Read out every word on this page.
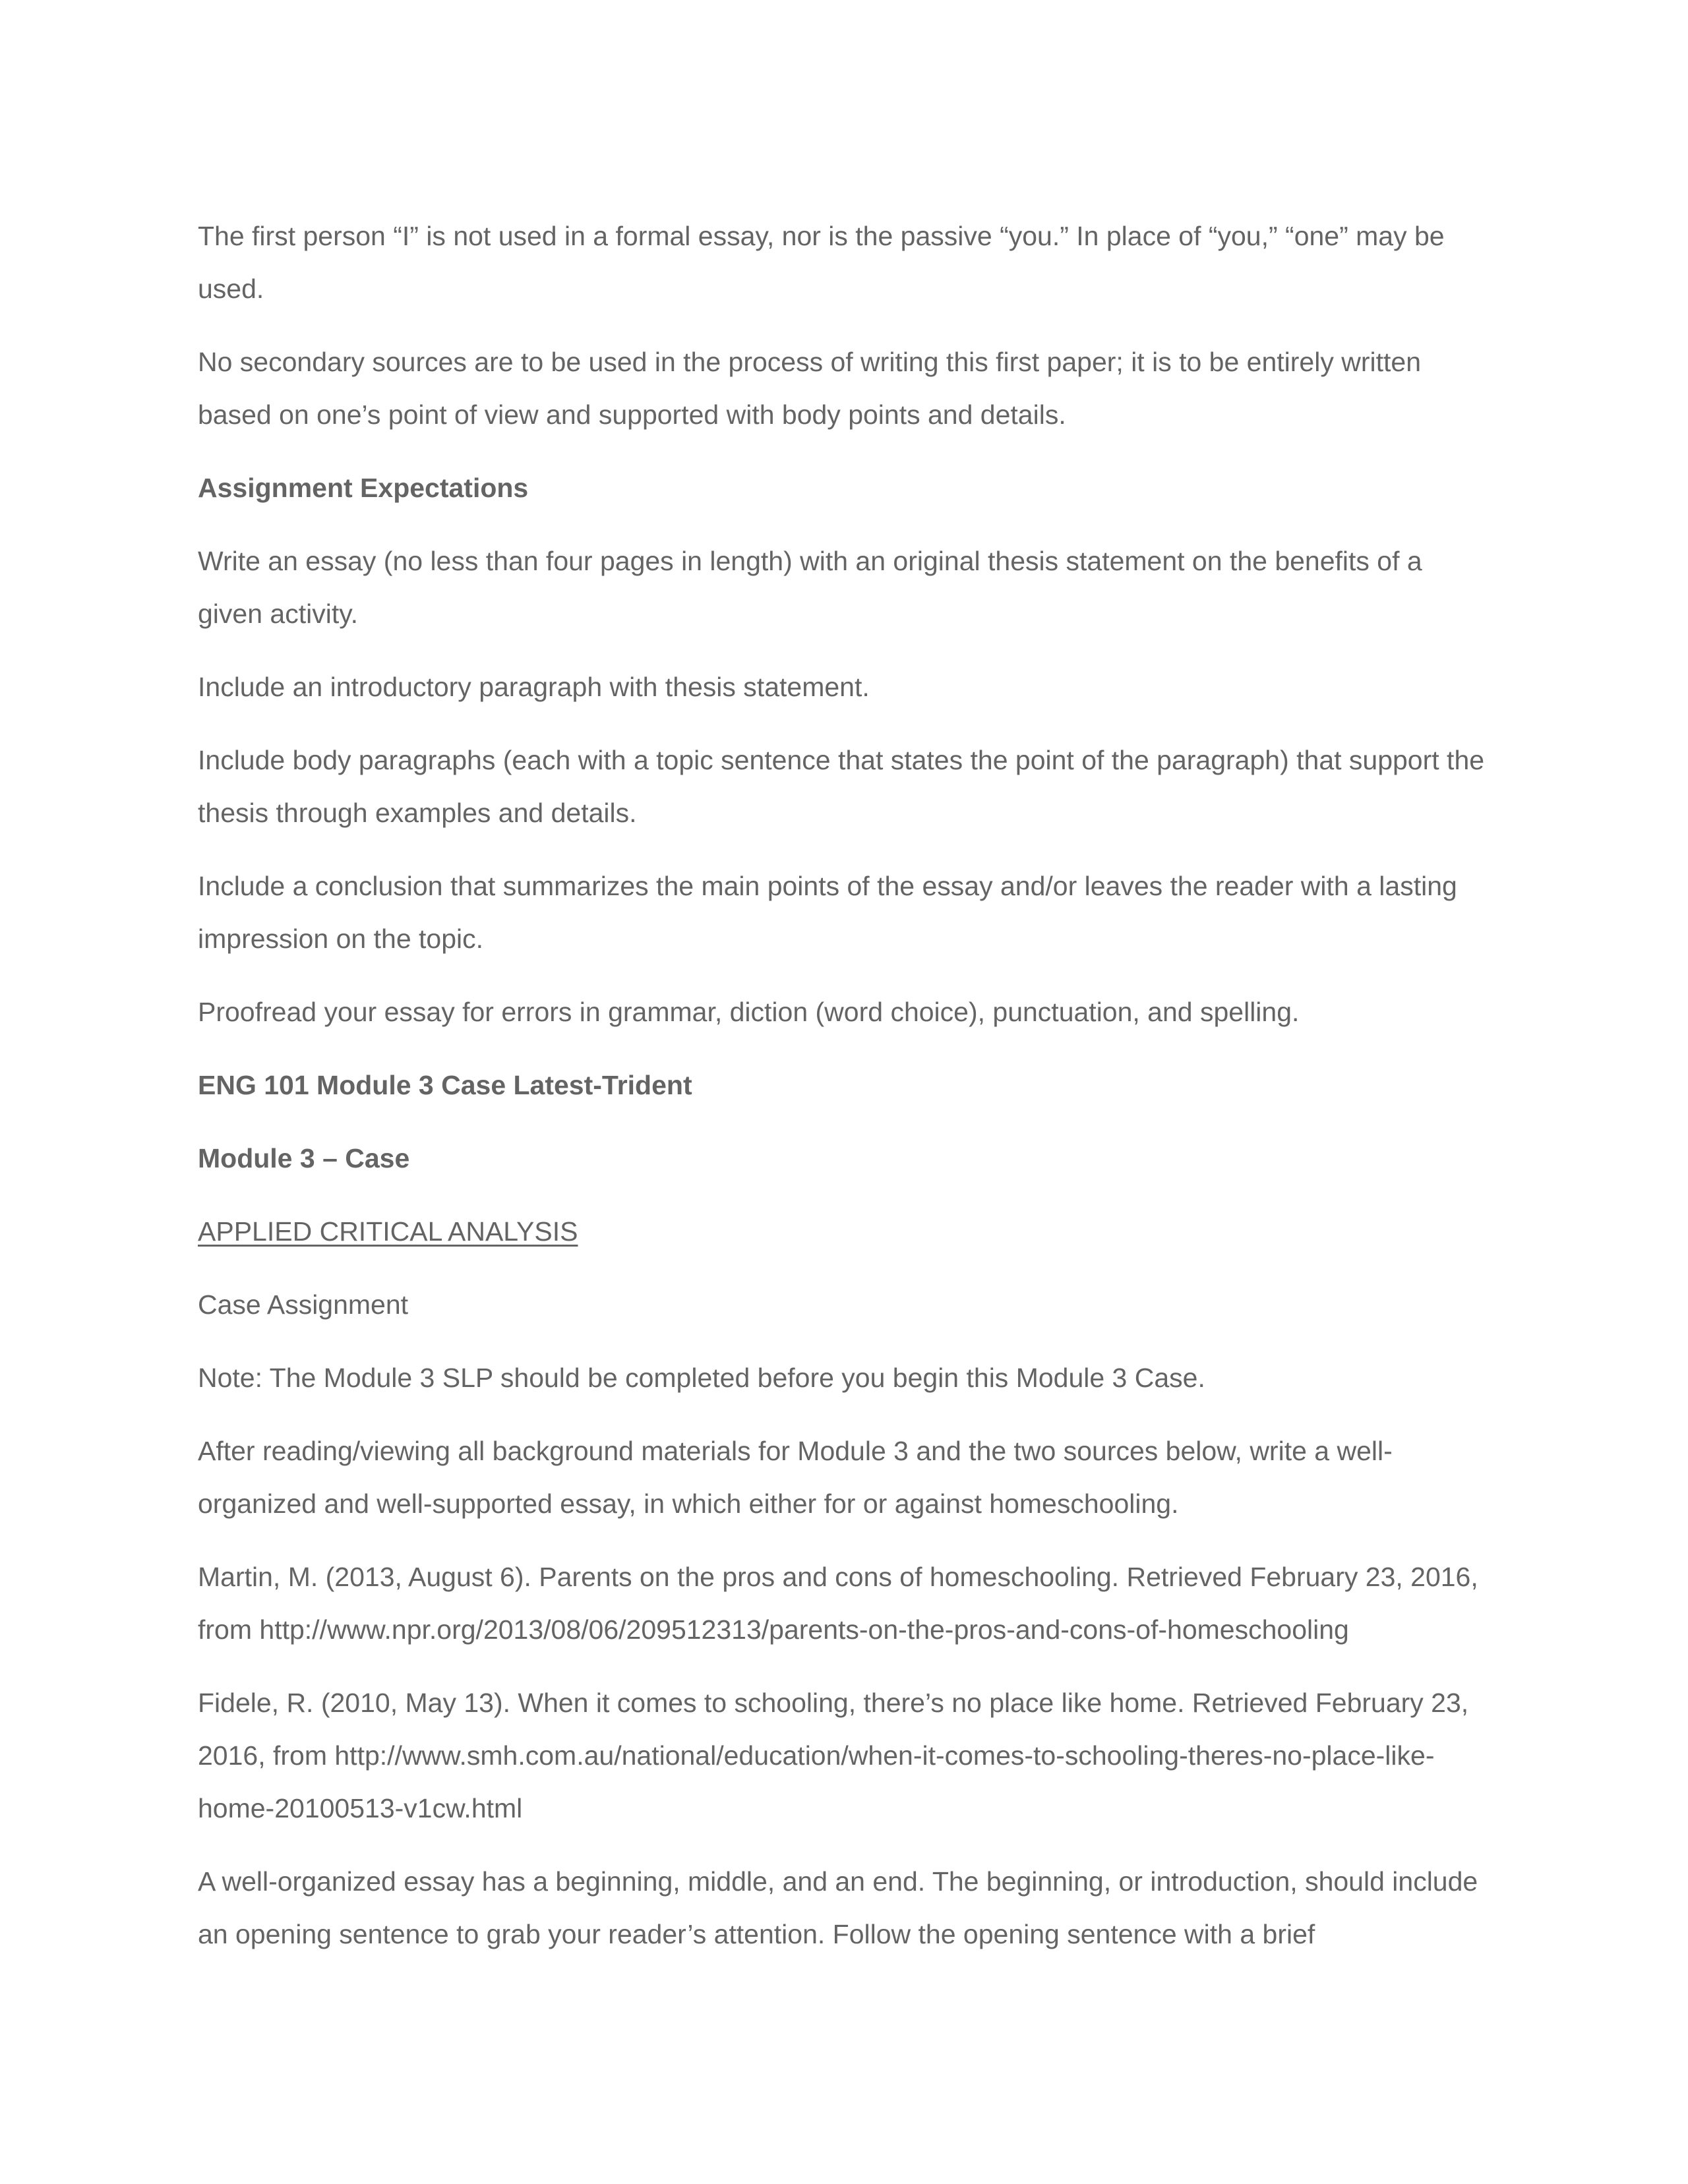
The first person “I” is not used in a formal essay, nor is the passive “you.” In place of “you,” “one” may be used.

No secondary sources are to be used in the process of writing this first paper; it is to be entirely written based on one’s point of view and supported with body points and details.

Assignment Expectations

Write an essay (no less than four pages in length) with an original thesis statement on the benefits of a given activity.

Include an introductory paragraph with thesis statement.

Include body paragraphs (each with a topic sentence that states the point of the paragraph) that support the thesis through examples and details.

Include a conclusion that summarizes the main points of the essay and/or leaves the reader with a lasting impression on the topic.

Proofread your essay for errors in grammar, diction (word choice), punctuation, and spelling.

ENG 101 Module 3 Case Latest-Trident

Module 3 – Case

APPLIED CRITICAL ANALYSIS

Case Assignment

Note: The Module 3 SLP should be completed before you begin this Module 3 Case.

After reading/viewing all background materials for Module 3 and the two sources below, write a well-organized and well-supported essay, in which either for or against homeschooling.

Martin, M. (2013, August 6). Parents on the pros and cons of homeschooling. Retrieved February 23, 2016, from http://www.npr.org/2013/08/06/209512313/parents-on-the-pros-and-cons-of-homeschooling

Fidele, R. (2010, May 13). When it comes to schooling, there’s no place like home. Retrieved February 23, 2016, from http://www.smh.com.au/national/education/when-it-comes-to-schooling-theres-no-place-like-home-20100513-v1cw.html

A well-organized essay has a beginning, middle, and an end. The beginning, or introduction, should include an opening sentence to grab your reader’s attention. Follow the opening sentence with a brief
